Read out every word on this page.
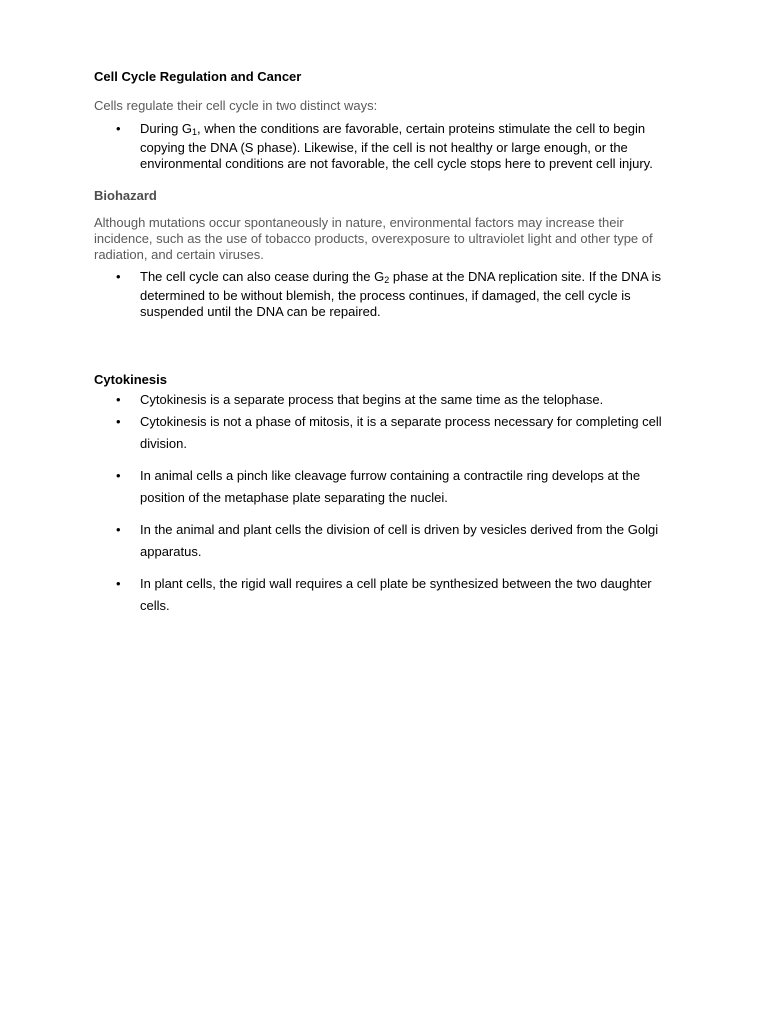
Cell Cycle Regulation and Cancer

Cells regulate their cell cycle in two distinct ways:

• During $G_1$, when the conditions are favorable, certain proteins stimulate the cell to begin copying the DNA (S phase). Likewise, if the cell is not healthy or large enough, or the environmental conditions are not favorable, the cell cycle stops here to prevent cell injury.
Biohazard

Although mutations occur spontaneously in nature, environmental factors may increase their incidence, such as the use of tobacco products, overexposure to ultraviolet light and other type of radiation, and certain viruses.

• The cell cycle can also cease during the $G_2$ phase at the DNA replication site. If the DNA is determined to be without blemish, the process continues, if damaged, the cell cycle is suspended until the DNA can be repaired.
Cytokinesis
• Cytokinesis is a separate process that begins at the same time as the telophase.
• Cytokinesis is not a phase of mitosis, it is a separate process necessary for completing cell division.
• In animal cells a pinch like cleavage furrow containing a contractile ring develops at the position of the metaphase plate separating the nuclei.
• In the animal and plant cells the division of cell is driven by vesicles derived from the Golgi apparatus.
• In plant cells, the rigid wall requires a cell plate be synthesized between the two daughter cells.
